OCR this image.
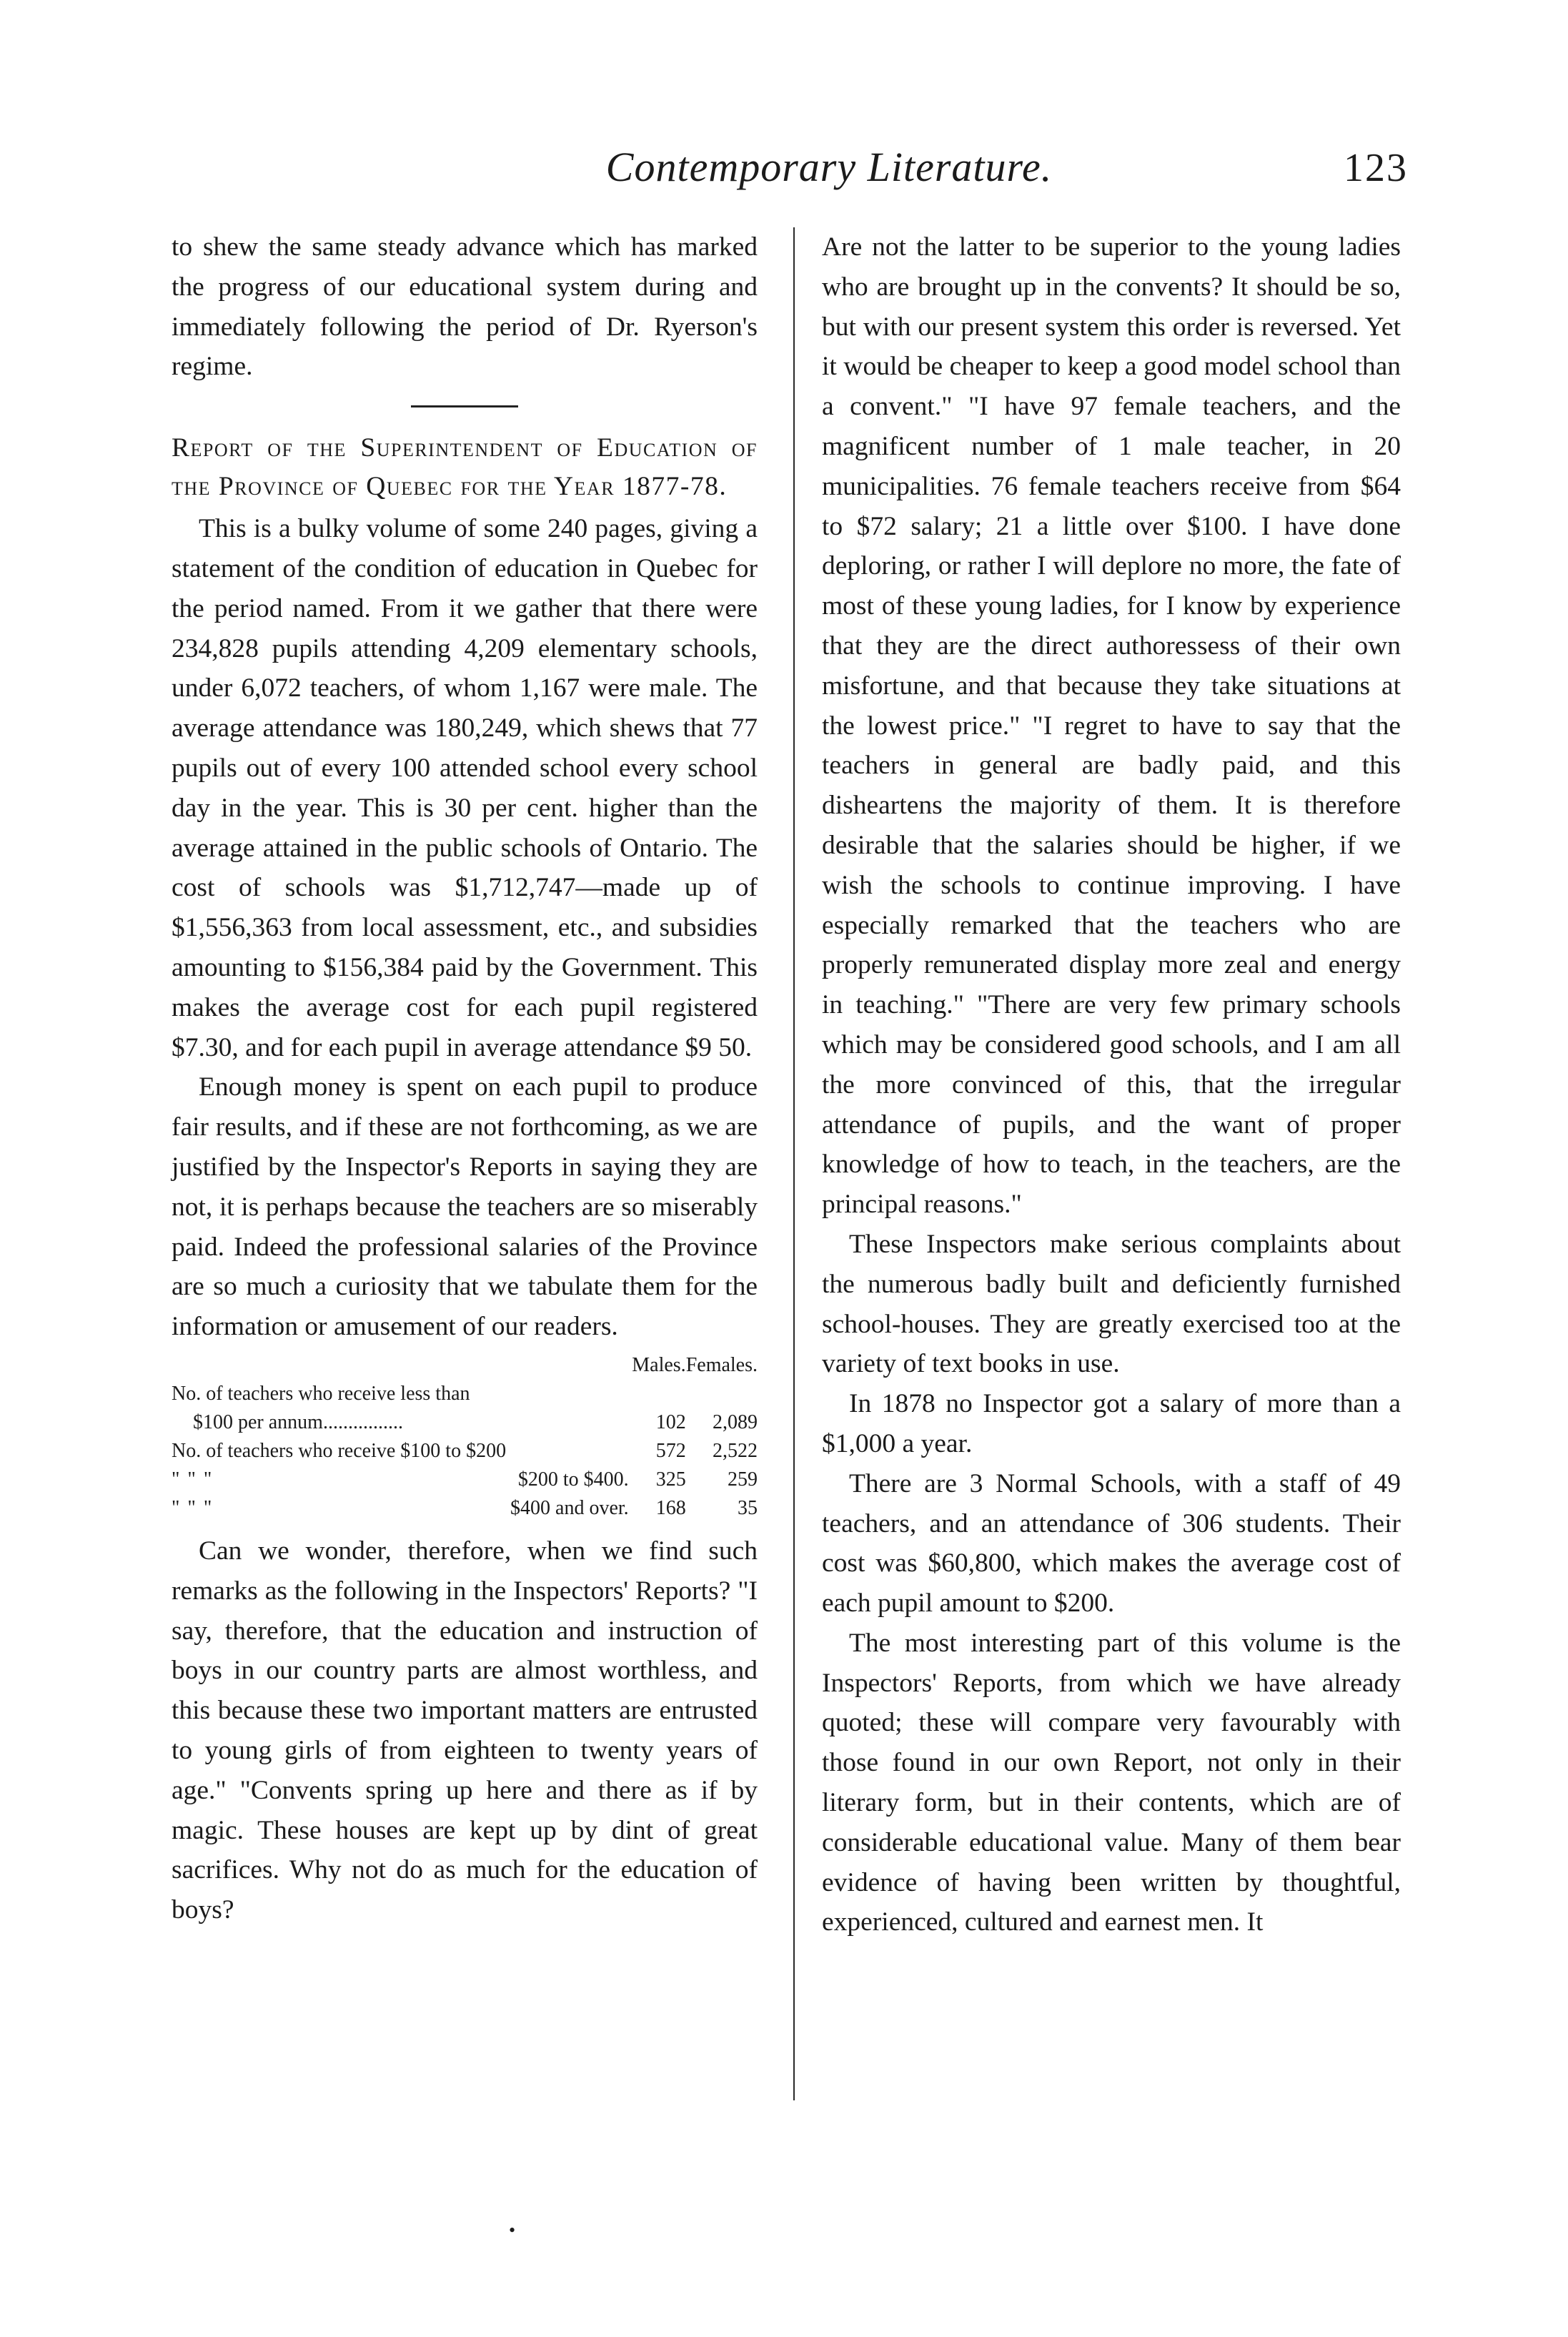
Contemporary Literature.	123

to shew the same steady advance which has marked the progress of our educational system during and immediately following the period of Dr. Ryerson's regime.

Report of the Superintendent of Education of the Province of Quebec for the Year 1877-78.

This is a bulky volume of some 240 pages, giving a statement of the condition of education in Quebec for the period named. From it we gather that there were 234,828 pupils attending 4,209 elementary schools, under 6,072 teachers, of whom 1,167 were male. The average attendance was 180,249, which shews that 77 pupils out of every 100 attended school every school day in the year. This is 30 per cent. higher than the average attained in the public schools of Ontario. The cost of schools was $1,712,747—made up of $1,556,363 from local assessment, etc., and subsidies amounting to $156,384 paid by the Government. This makes the average cost for each pupil registered $7.30, and for each pupil in average attendance $9 50.

Enough money is spent on each pupil to produce fair results, and if these are not forthcoming, as we are justified by the Inspector's Reports in saying they are not, it is perhaps because the teachers are so miserably paid. Indeed the professional salaries of the Province are so much a curiosity that we tabulate them for the information or amusement of our readers.

	Males.	Females.
No. of teachers who receive less than		
$100 per annum................	102	2,089
No. of teachers who receive $100 to $200	572	2,522
" " " $200 to $400.	325	259
" " " $400 and over.	168	35

Can we wonder, therefore, when we find such remarks as the following in the Inspectors' Reports? "I say, therefore, that the education and instruction of boys in our country parts are almost worthless, and this because these two important matters are entrusted to young girls of from eighteen to twenty years of age." "Convents spring up here and there as if by magic. These houses are kept up by dint of great sacrifices. Why not do as much for the education of boys?

Are not the latter to be superior to the young ladies who are brought up in the convents? It should be so, but with our present system this order is reversed. Yet it would be cheaper to keep a good model school than a convent." "I have 97 female teachers, and the magnificent number of 1 male teacher, in 20 municipalities. 76 female teachers receive from $64 to $72 salary; 21 a little over $100. I have done deploring, or rather I will deplore no more, the fate of most of these young ladies, for I know by experience that they are the direct authoressess of their own misfortune, and that because they take situations at the lowest price." "I regret to have to say that the teachers in general are badly paid, and this disheartens the majority of them. It is therefore desirable that the salaries should be higher, if we wish the schools to continue improving. I have especially remarked that the teachers who are properly remunerated display more zeal and energy in teaching." "There are very few primary schools which may be considered good schools, and I am all the more convinced of this, that the irregular attendance of pupils, and the want of proper knowledge of how to teach, in the teachers, are the principal reasons."

These Inspectors make serious complaints about the numerous badly built and deficiently furnished school-houses. They are greatly exercised too at the variety of text books in use.

In 1878 no Inspector got a salary of more than a $1,000 a year.

There are 3 Normal Schools, with a staff of 49 teachers, and an attendance of 306 students. Their cost was $60,800, which makes the average cost of each pupil amount to $200.

The most interesting part of this volume is the Inspectors' Reports, from which we have already quoted; these will compare very favourably with those found in our own Report, not only in their literary form, but in their contents, which are of considerable educational value. Many of them bear evidence of having been written by thoughtful, experienced, cultured and earnest men. It

•
